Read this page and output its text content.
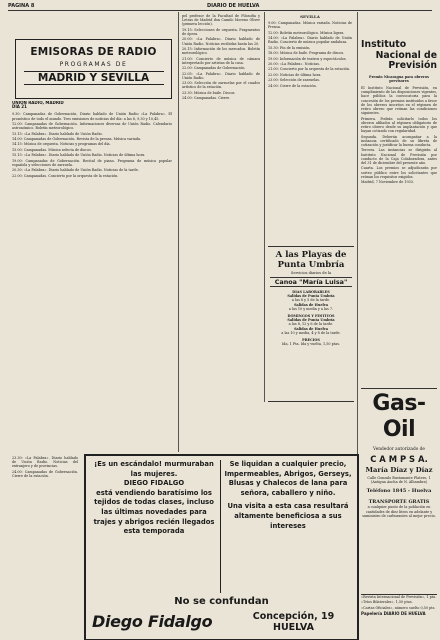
PAGINA 8	DIARIO DE HUELVA
EMISORAS DE RADIO
PROGRAMAS DE
MADRID Y SEVILLA
UNION RADIO, MADRID
DIA 21
9.30: Campanadas de Gobernación, Diario hablado de Unión Radio «La Palabra». El pronóstico de todo el mundo. Tres emisiones de noticias del día: a las 8, 9,30 y 10,45.
12.00: Campanadas de Gobernación. Informaciones diversas de Unión Radio. Calendario astronómico. Boletín meteorológico.
13.15: «La Palabra». Diario hablado de Unión Radio.
14.00: Campanadas de Gobernación. Revista de la prensa. Música variada.
14.15: Música de orquesta. Noticias y programas del día.
15.00: Campanadas. Música selecta de discos.
15.15: «La Palabra». Diario hablado de Unión Radio. Noticias de última hora.
19.00: Campanadas de Gobernación. Recital de piano. Programa de música popular española y selecciones de zarzuela.
20.30: «La Palabra». Diario hablado de Unión Radio. Noticias de la tarde.
22.00: Campanadas. Concierto por la orquesta de la estación.
pel profesor de la Facultad de Filosofía y Letras de Madrid don Camilo Moreno Oliver (primera lección).
19.15: Selecciones de orquesta. Fragmentos de ópera.
20.00: «La Palabra». Diario hablado de Unión Radio. Noticias recibidas hasta las 20.
20.15: Información de los mercados. Boletín meteorológico.
21.00: Concierto de música de cámara interpretado por artistas de la casa.
22.00: Campanadas de Gobernación.
22.05: «La Palabra». Diario hablado de Unión Radio.
23.00: Selección de zarzuelas por el cuadro artístico de la estación.
23.30: Música de baile. Discos.
24.00: Campanadas. Cierre.
SEVILLA
9.00: Campanadas. Música variada. Noticias de Prensa.
12.00: Boletín meteorológico. Música ligera.
14.00: «La Palabra». Diario hablado de Unión Radio. Concierto de música popular andaluza.
15.30: Fin de la emisión.
18.00: Música de baile. Programa de discos.
19.00: Información de teatros y espectáculos.
20.00: «La Palabra». Noticias.
21.00: Concierto por la orquesta de la estación.
22.00: Noticias de última hora.
23.00: Selección de zarzuelas.
24.00: Cierre de la estación.
A las Playas de
Punta Umbría
Servicios diarios de la
Canoa "María Luisa"
DIAS LABORABLES
Salidas de Punta Umbría
a las 8 y 5 de la tarde.
Salidas de Huelva
a las 10 y media y a las 7.
DOMINGOS Y FESTIVOS
Salidas de Punta Umbría
a las 8, 12 y 6 de la tarde.
Salidas de Huelva
a las 10 y media, 4 y 8 de la tarde.
PRECIOS
Ida, 1 Pta. Ida y vuelta, 1,50 ptas.
Instituto
Nacional de
Previsión
Premio Nicaragua para obreros previsores
El Instituto Nacional de Previsión, en cumplimiento de las disposiciones vigentes, hace pública la convocatoria para la concesión de los premios instituidos a favor de los obreros inscritos en el régimen de retiro obrero que reúnan las condiciones siguientes.
Primera. Podrán solicitarlo todos los obreros afiliados al régimen obligatorio de retiro obrero desde su implantación y que hayan cotizado con regularidad.
Segunda. Deberán acompañar a la instancia certificado de su libreta de cotización y justificar la buena conducta.
Tercera. Las instancias se dirigirán al Instituto Nacional de Previsión por conducto de la Caja Colaboradora, antes del 31 de diciembre del presente año.
Cuarta. Los premios se adjudicarán por sorteo público entre los solicitantes que reúnan los requisitos exigidos.
Madrid, 7 Noviembre de 1933.
Gas-Oil
Vendedor autorizado de
C A M P S A.
María Díaz y Díaz
Calle Gonzalo Bustamante Platero, 1
(Antigua Ancha de N. Alhambra)
Teléfono 1845 - Huelva
TRANSPORTE GRATIS
a cualquier punto de la población en cantidades de diez litros en adelante y suministro de carburantes al mejor precio.
«Revista Internacional de Previsión», 1 pta.
«Tríos Bilaterales», 1,50 ptas.
«Cartas Oficiales», número suelto 0,50 pts.
Papelería DIARIO DE HUELVA
¡Es un escándalo! murmuraban las mujeres.
DIEGO FIDALGO
está vendiendo baratísimo los tejidos de todas clases, incluso las últimas novedades para trajes y abrigos recién llegados esta temporada
Se liquidan a cualquier precio, Impermeables, Abrigos, Gerseys, Blusas y Chalecos de lana para señora, caballero y niño.
Una visita a esta casa resultará altamente beneficiosa a sus intereses
No se confundan
Diego Fidalgo	Concepción, 19
HUELVA
23.30: «La Palabra». Diario hablado de Unión Radio. Noticias del extranjero y de provincias.
24.00: Campanadas de Gobernación. Cierre de la estación.
